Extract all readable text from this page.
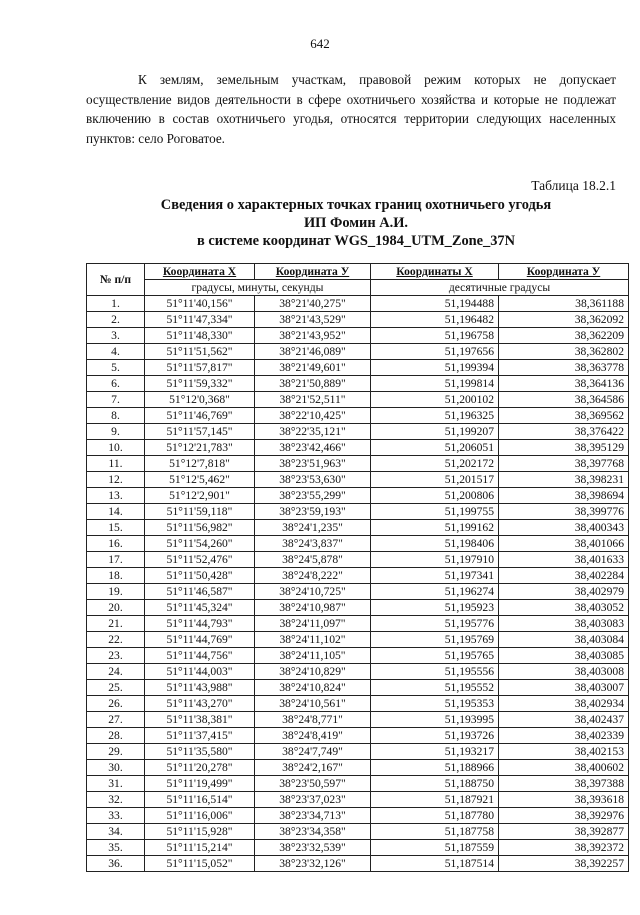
642

К землям, земельным участкам, правовой режим которых не допускает осуществление видов деятельности в сфере охотничьего хозяйства и которые не подлежат включению в состав охотничьего угодья, относятся территории следующих населенных пунктов: село Роговатое.

Таблица 18.2.1
Сведения о характерных точках границ охотничьего угодья
ИП Фомин А.И.
в системе координат WGS_1984_UTM_Zone_37N
№ п/п	Координата X	Координата У	Координаты X	Координата У
	градусы, минуты, секунды		десятичные градусы	
1.	51°11'40,156"	38°21'40,275"	51,194488	38,361188
2.	51°11'47,334"	38°21'43,529"	51,196482	38,362092
3.	51°11'48,330"	38°21'43,952"	51,196758	38,362209
4.	51°11'51,562"	38°21'46,089"	51,197656	38,362802
5.	51°11'57,817"	38°21'49,601"	51,199394	38,363778
6.	51°11'59,332"	38°21'50,889"	51,199814	38,364136
7.	51°12'0,368"	38°21'52,511"	51,200102	38,364586
8.	51°11'46,769"	38°22'10,425"	51,196325	38,369562
9.	51°11'57,145"	38°22'35,121"	51,199207	38,376422
10.	51°12'21,783"	38°23'42,466"	51,206051	38,395129
11.	51°12'7,818"	38°23'51,963"	51,202172	38,397768
12.	51°12'5,462"	38°23'53,630"	51,201517	38,398231
13.	51°12'2,901"	38°23'55,299"	51,200806	38,398694
14.	51°11'59,118"	38°23'59,193"	51,199755	38,399776
15.	51°11'56,982"	38°24'1,235"	51,199162	38,400343
16.	51°11'54,260"	38°24'3,837"	51,198406	38,401066
17.	51°11'52,476"	38°24'5,878"	51,197910	38,401633
18.	51°11'50,428"	38°24'8,222"	51,197341	38,402284
19.	51°11'46,587"	38°24'10,725"	51,196274	38,402979
20.	51°11'45,324"	38°24'10,987"	51,195923	38,403052
21.	51°11'44,793"	38°24'11,097"	51,195776	38,403083
22.	51°11'44,769"	38°24'11,102"	51,195769	38,403084
23.	51°11'44,756"	38°24'11,105"	51,195765	38,403085
24.	51°11'44,003"	38°24'10,829"	51,195556	38,403008
25.	51°11'43,988"	38°24'10,824"	51,195552	38,403007
26.	51°11'43,270"	38°24'10,561"	51,195353	38,402934
27.	51°11'38,381"	38°24'8,771"	51,193995	38,402437
28.	51°11'37,415"	38°24'8,419"	51,193726	38,402339
29.	51°11'35,580"	38°24'7,749"	51,193217	38,402153
30.	51°11'20,278"	38°24'2,167"	51,188966	38,400602
31.	51°11'19,499"	38°23'50,597"	51,188750	38,397388
32.	51°11'16,514"	38°23'37,023"	51,187921	38,393618
33.	51°11'16,006"	38°23'34,713"	51,187780	38,392976
34.	51°11'15,928"	38°23'34,358"	51,187758	38,392877
35.	51°11'15,214"	38°23'32,539"	51,187559	38,392372
36.	51°11'15,052"	38°23'32,126"	51,187514	38,392257
